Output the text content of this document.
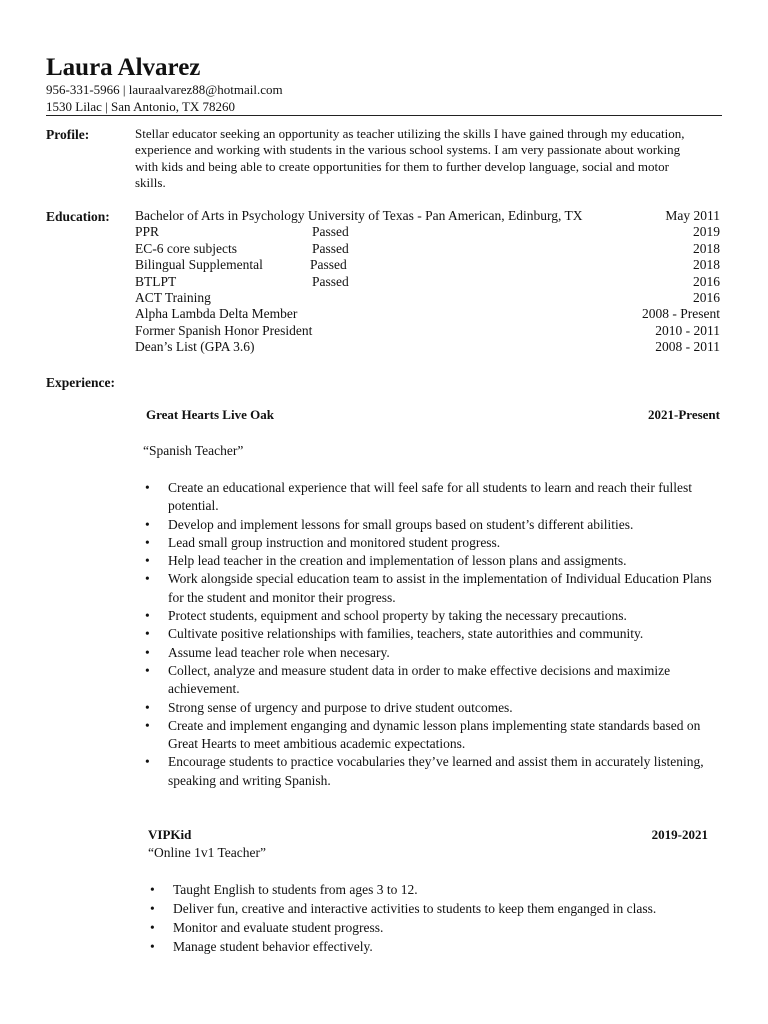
Laura Alvarez
956-331-5966 | lauraalvarez88@hotmail.com
1530 Lilac | San Antonio, TX 78260
Profile:	Stellar educator seeking an opportunity as teacher utilizing the skills I have gained through my education,

experience and working with students in the various school systems. I am very passionate about working

with kids and being able to create opportunities for them to further develop language, social and motor

skills.

Education: Bachelor of Arts in Psychology University of Texas - Pan American, Edinburg, TX	May 2011
PPR	Passed	2019
EC-6 core subjects	Passed	2018
Bilingual Supplemental	Passed	2018
BTLPT	Passed	2016
ACT Training	2016
Alpha Lambda Delta Member	2008 - Present
Former Spanish Honor President	2010 - 2011
Dean’s List (GPA 3.6)	2008 - 2011
Experience:
Great Hearts Live Oak	2021-Present
“Spanish Teacher”
• Create an educational experience that will feel safe for all students to learn and reach their fullest potential.
• Develop and implement lessons for small groups based on student’s different abilities.
• Lead small group instruction and monitored student progress.
• Help lead teacher in the creation and implementation of lesson plans and assigments.
• Work alongside special education team to assist in the implementation of Individual Education Plans for the student and monitor their progress.
• Protect students, equipment and school property by taking the necessary precautions.
• Cultivate positive relationships with families, teachers, state autorithies and community.
• Assume lead teacher role when necesary.
• Collect, analyze and measure student data in order to make effective decisions and maximize achievement.
• Strong sense of urgency and purpose to drive student outcomes.
• Create and implement enganging and dynamic lesson plans implementing state standards based on Great Hearts to meet ambitious academic expectations.
• Encourage students to practice vocabularies they’ve learned and assist them in accurately listening, speaking and writing Spanish.
VIPKid	2019-2021
“Online 1v1 Teacher”
• Taught English to students from ages 3 to 12.
• Deliver fun, creative and interactive activities to students to keep them enganged in class.
• Monitor and evaluate student progress.
• Manage student behavior effectively.
